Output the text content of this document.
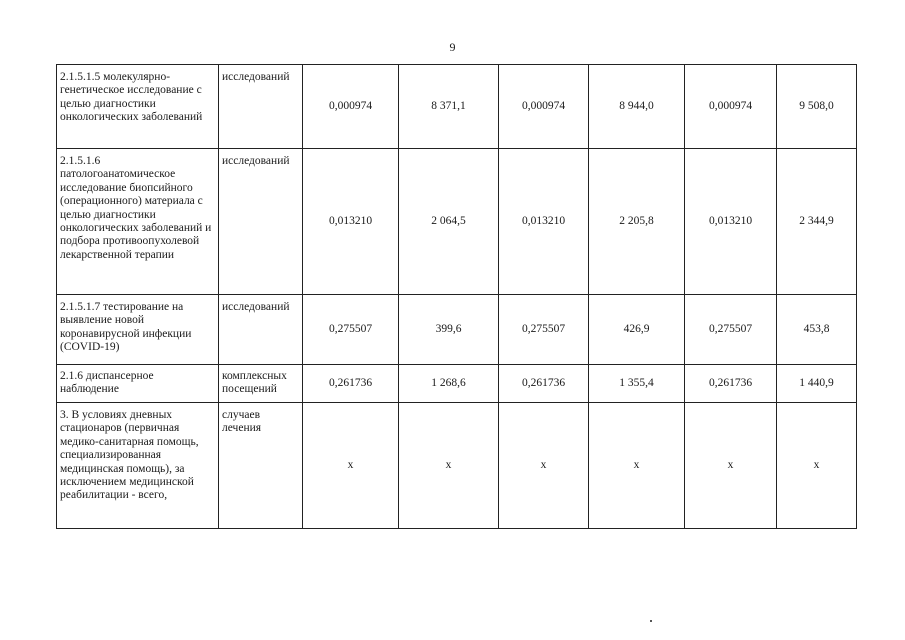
9
2.1.5.1.5 молекулярно-генетическое исследование с целью диагностики онкологических заболеваний	исследований	0,000974	8 371,1	0,000974	8 944,0	0,000974	9 508,0
2.1.5.1.6 патологоанатомическое исследование биопсийного (операционного) материала с целью диагностики онкологических заболеваний и подбора противоопухолевой лекарственной терапии	исследований	0,013210	2 064,5	0,013210	2 205,8	0,013210	2 344,9
2.1.5.1.7 тестирование на выявление новой коронавирусной инфекции (COVID-19)	исследований	0,275507	399,6	0,275507	426,9	0,275507	453,8
2.1.6 диспансерное наблюдение	комплексных посещений	0,261736	1 268,6	0,261736	1 355,4	0,261736	1 440,9
3. В условиях дневных стационаров (первичная медико-санитарная помощь, специализированная медицинская помощь), за исключением медицинской реабилитации - всего,	случаев лечения	х	х	х	х	х	х
